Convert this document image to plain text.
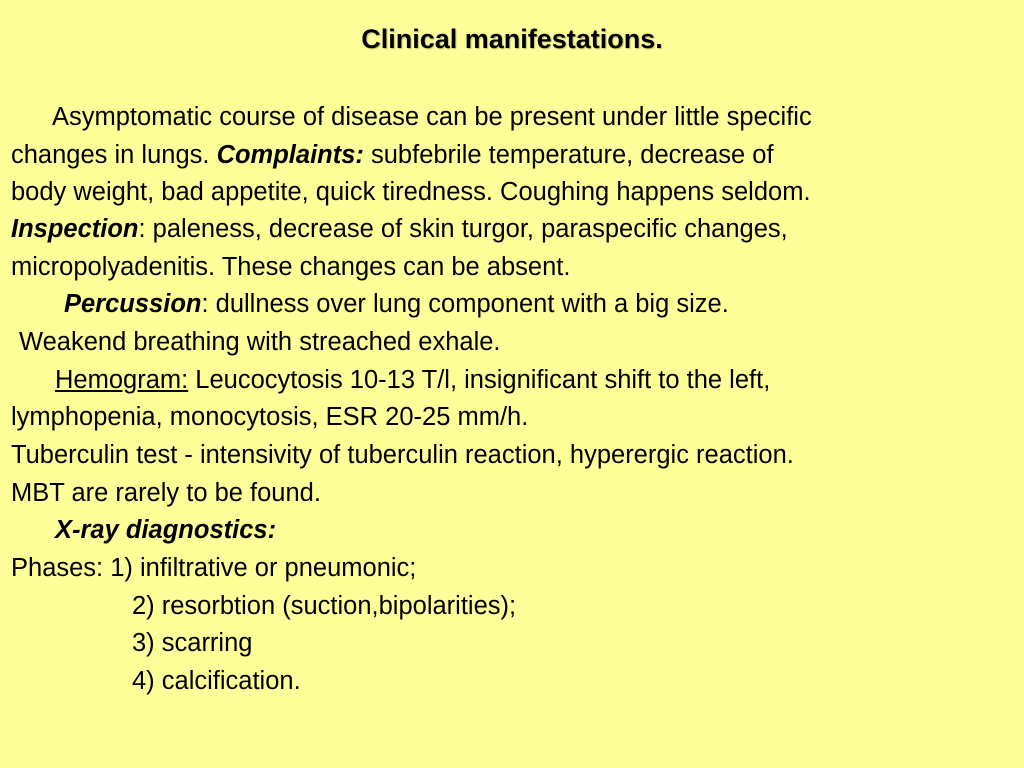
Clinical manifestations.
Asymptomatic course of disease can be present under little specific
changes in lungs. Complaints: subfebrile temperature, decrease of
body weight, bad appetite, quick tiredness. Coughing happens seldom.
Inspection: paleness, decrease of skin turgor, paraspecific changes,
micropolyadenitis. These changes can be absent.
Percussion: dullness over lung component with a big size.
Weakend breathing with streached exhale.
Hemogram: Leucocytosis 10-13 T/l, insignificant shift to the left,
lymphopenia, monocytosis, ESR 20-25 mm/h.
Tuberculin test - intensivity of tuberculin reaction, hyperergic reaction.
MBT are rarely to be found.
X-ray diagnostics:
Phases: 1) infiltrative or pneumonic;
2) resorbtion (suction,bipolarities);
3) scarring
4) calcification.
